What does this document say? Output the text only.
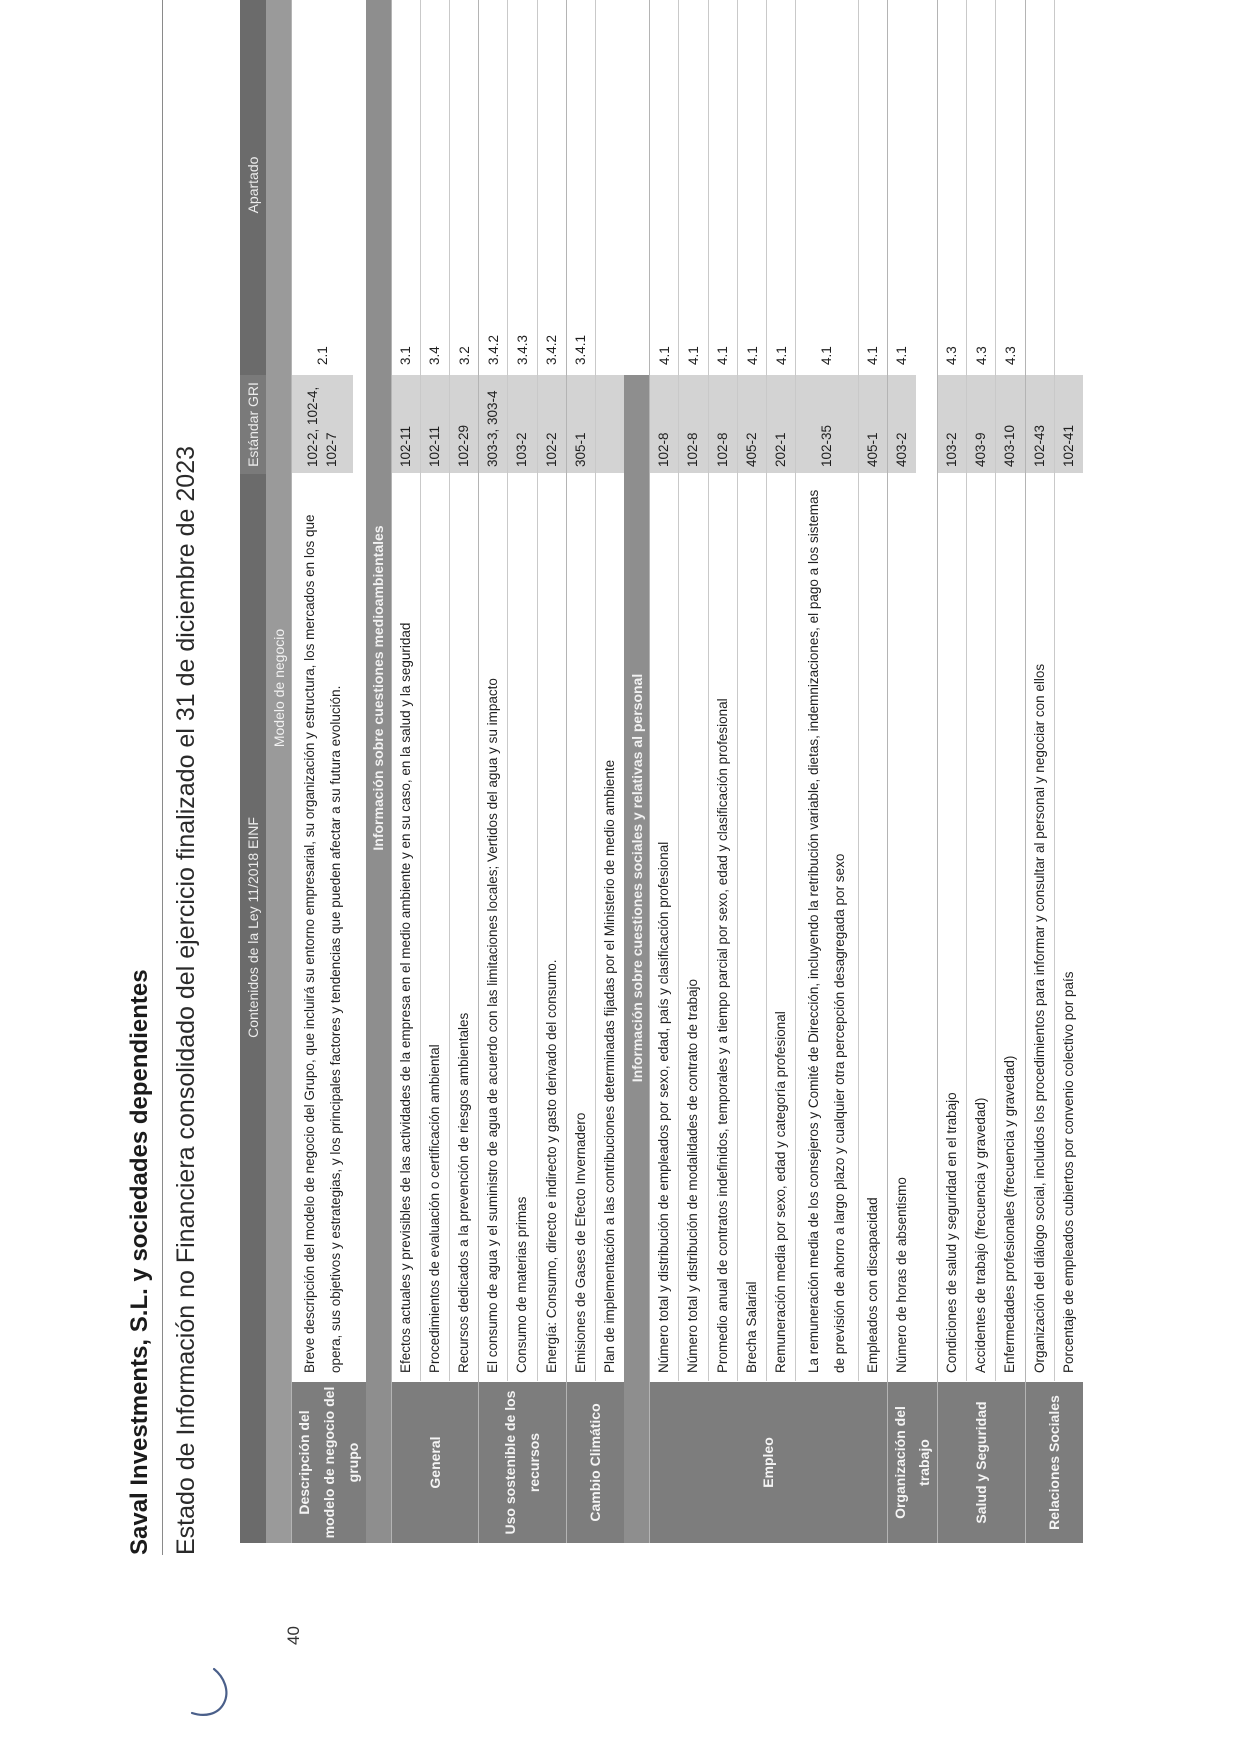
Saval Investments, S.L. y sociedades dependientes Estado de Información no Financiera consolidado del ejercicio finalizado el 31 de diciembre de 2023
40
Contenidos de la Ley 11/2018 EINF
Estándar GRI
Apartado
Modelo de negocio
Descripción del modelo de negocio del grupo
Breve descripción del modelo de negocio del Grupo, que incluirá su entorno empresarial, su organización y estructura, los mercados en los que opera, sus objetivos y estrategias, y los principales factores y tendencias que pueden afectar a su futura evolución.
102-2, 102-4, 102-7
2.1
Información sobre cuestiones medioambientales
General
Efectos actuales y previsibles de las actividades de la empresa en el medio ambiente y en su caso, en la salud y la seguridad
102-11
3.1
Procedimientos de evaluación o certificación ambiental
102-11
3.4
Recursos dedicados a la prevención de riesgos ambientales
102-29
3.2
Uso sostenible de los recursos
El consumo de agua y el suministro de agua de acuerdo con las limitaciones locales; Vertidos del agua y su impacto
303-3, 303-4
3.4.2
Consumo de materias primas
103-2
3.4.3
Energía: Consumo, directo e indirecto y gasto derivado del consumo.
102-2
3.4.2
Cambio Climático
Emisiones de Gases de Efecto Invernadero
305-1
3.4.1
Plan de implementación a las contribuciones determinadas fijadas por el Ministerio de medio ambiente Información sobre cuestiones sociales y relativas al personal
Empleo
Número total y distribución de empleados por sexo, edad, país y clasificación profesional
102-8
4.1
Número total y distribución de modalidades de contrato de trabajo
102-8
4.1
Promedio anual de contratos indefinidos, temporales y a tiempo parcial por sexo, edad y clasificación profesional
102-8
4.1
Brecha Salarial
405-2
4.1
Remuneración media por sexo, edad y categoría profesional
202-1
4.1
La remuneración media de los consejeros y Comité de Dirección, incluyendo la retribución variable, dietas, indemnizaciones, el pago a los sistemas de previsión de ahorro a largo plazo y cualquier otra percepción desagregada por sexo
102-35
4.1
Empleados con discapacidad
405-1
4.1
Organización del trabajo
Número de horas de absentismo
403-2
4.1
Salud y Seguridad
Condiciones de salud y seguridad en el trabajo
103-2
4.3
Accidentes de trabajo (frecuencia y gravedad)
403-9
4.3
Enfermedades profesionales (frecuencia y gravedad)
403-10
4.3
Relaciones Sociales
Organización del diálogo social, incluidos los procedimientos para informar y consultar al personal y negociar con ellos
102-43
Porcentaje de empleados cubiertos por convenio colectivo por país
102-41
